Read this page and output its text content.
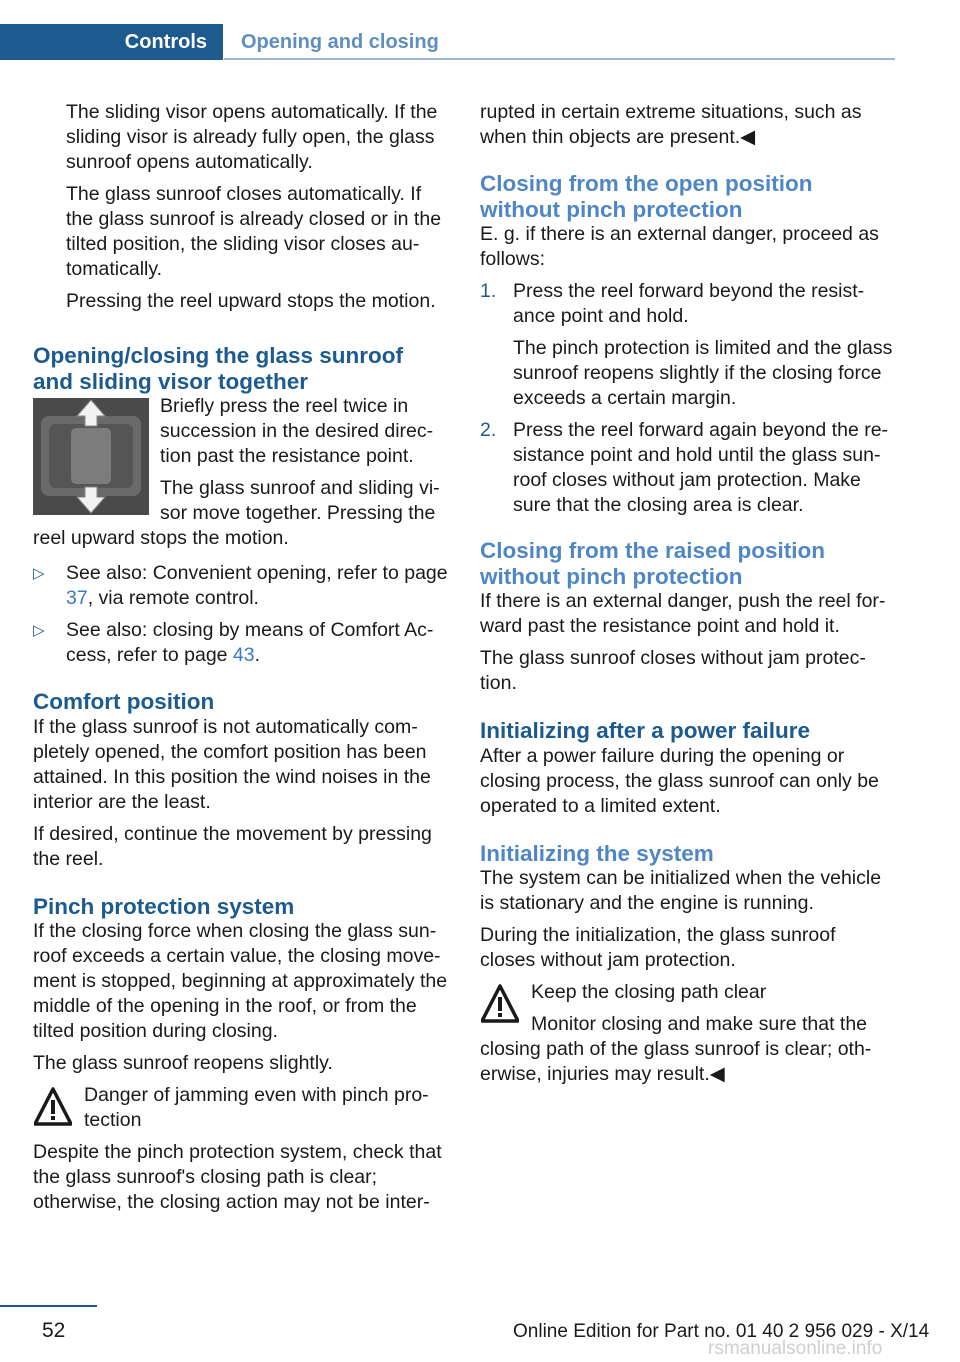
Controls Opening and closing

The sliding visor opens automatically. If the sliding visor is already fully open, the glass sunroof opens automatically.

The glass sunroof closes automatically. If the glass sunroof is already closed or in the tilted position, the sliding visor closes au-tomatically.

Pressing the reel upward stops the motion.

Opening/closing the glass sunroof and sliding visor together

Briefly press the reel twice in succession in the desired direc-tion past the resistance point.

The glass sunroof and sliding vi-sor move together. Pressing the reel upward stops the motion.

▷ See also: Convenient opening, refer to page 37, via remote control.
▷ See also: closing by means of Comfort Ac-cess, refer to page 43.
Comfort position

If the glass sunroof is not automatically com-pletely opened, the comfort position has been attained. In this position the wind noises in the interior are the least.

If desired, continue the movement by pressing the reel.

Pinch protection system

If the closing force when closing the glass sun-roof exceeds a certain value, the closing move-ment is stopped, beginning at approximately the middle of the opening in the roof, or from the tilted position during closing.

The glass sunroof reopens slightly.

Danger of jamming even with pinch pro-tection

Despite the pinch protection system, check that the glass sunroof's closing path is clear; otherwise, the closing action may not be inter-

rupted in certain extreme situations, such as when thin objects are present.◀

Closing from the open position without pinch protection

E. g. if there is an external danger, proceed as follows:

1. Press the reel forward beyond the resist-ance point and hold.

The pinch protection is limited and the glass sunroof reopens slightly if the closing force exceeds a certain margin.

2. Press the reel forward again beyond the re-sistance point and hold until the glass sun-roof closes without jam protection. Make sure that the closing area is clear.

Closing from the raised position without pinch protection

If there is an external danger, push the reel for-ward past the resistance point and hold it.

The glass sunroof closes without jam protec-tion.

Initializing after a power failure

After a power failure during the opening or closing process, the glass sunroof can only be operated to a limited extent.

Initializing the system

The system can be initialized when the vehicle is stationary and the engine is running.

During the initialization, the glass sunroof closes without jam protection.

Keep the closing path clear

Monitor closing and make sure that the closing path of the glass sunroof is clear; oth-erwise, injuries may result.◀

52	Online Edition for Part no. 01 40 2 956 029 - X/14
rsmanualsonline.info
